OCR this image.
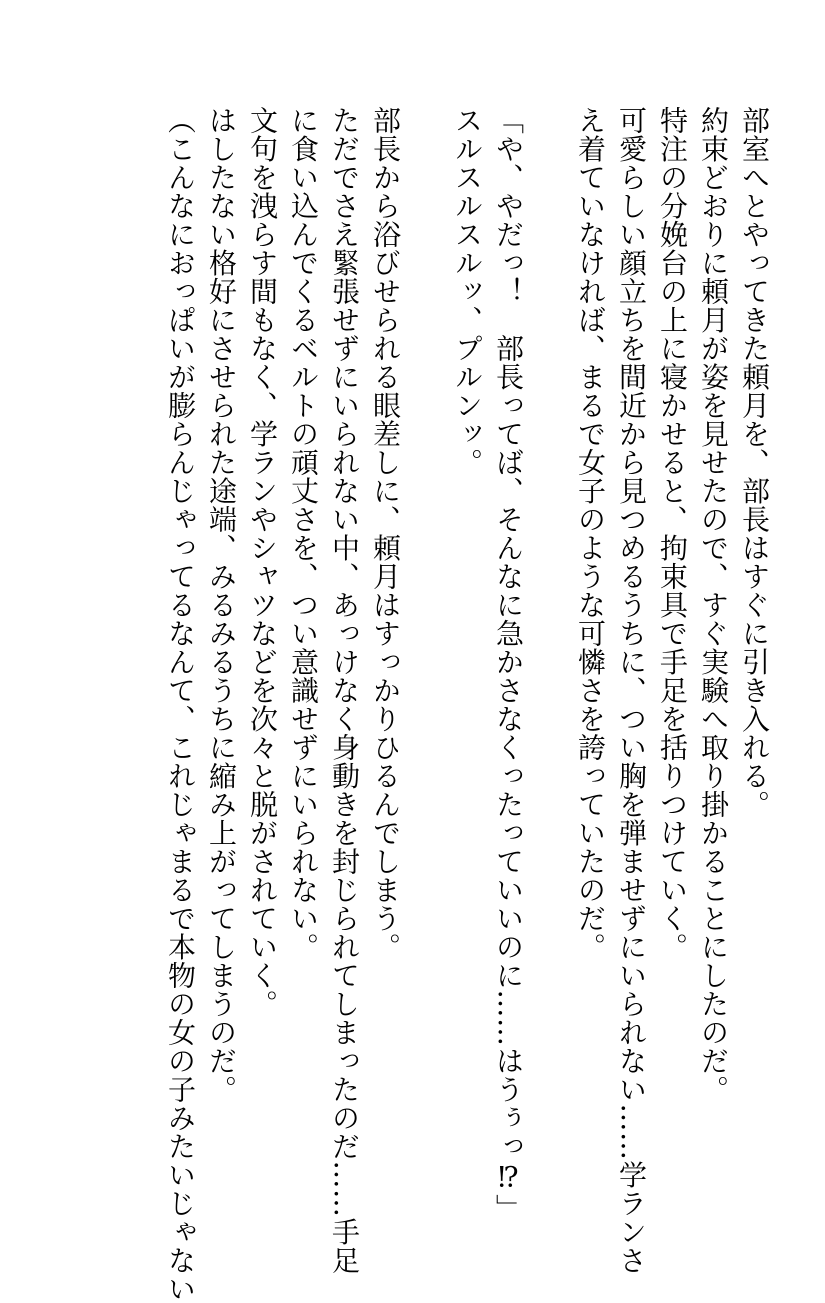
部室へとやってきた頼月を、部長はすぐに引き入れる。
約束どおりに頼月が姿を見せたので、すぐ実験へ取り掛かることにしたのだ。
特注の分娩台の上に寝かせると、拘束具で手足を括りつけていく。
可愛らしい顔立ちを間近から見つめるうちに、つい胸を弾ませずにいられない……学ランさ
え着ていなければ、まるで女子のような可憐さを誇っていたのだ。
「や、やだっ！　部長ってば、そんなに急かさなくったっていいのに……はうぅっ⁉︎」
スルスルスルッ、プルンッ。
部長から浴びせられる眼差しに、頼月はすっかりひるんでしまう。
ただでさえ緊張せずにいられない中、あっけなく身動きを封じられてしまったのだ……手足
に食い込んでくるベルトの頑丈さを、つい意識せずにいられない。
文句を洩らす間もなく、学ランやシャツなどを次々と脱がされていく。
はしたない格好にさせられた途端、みるみるうちに縮み上がってしまうのだ。
（こんなにおっぱいが膨らんじゃってるなんて、これじゃまるで本物の女の子みたいじゃない
